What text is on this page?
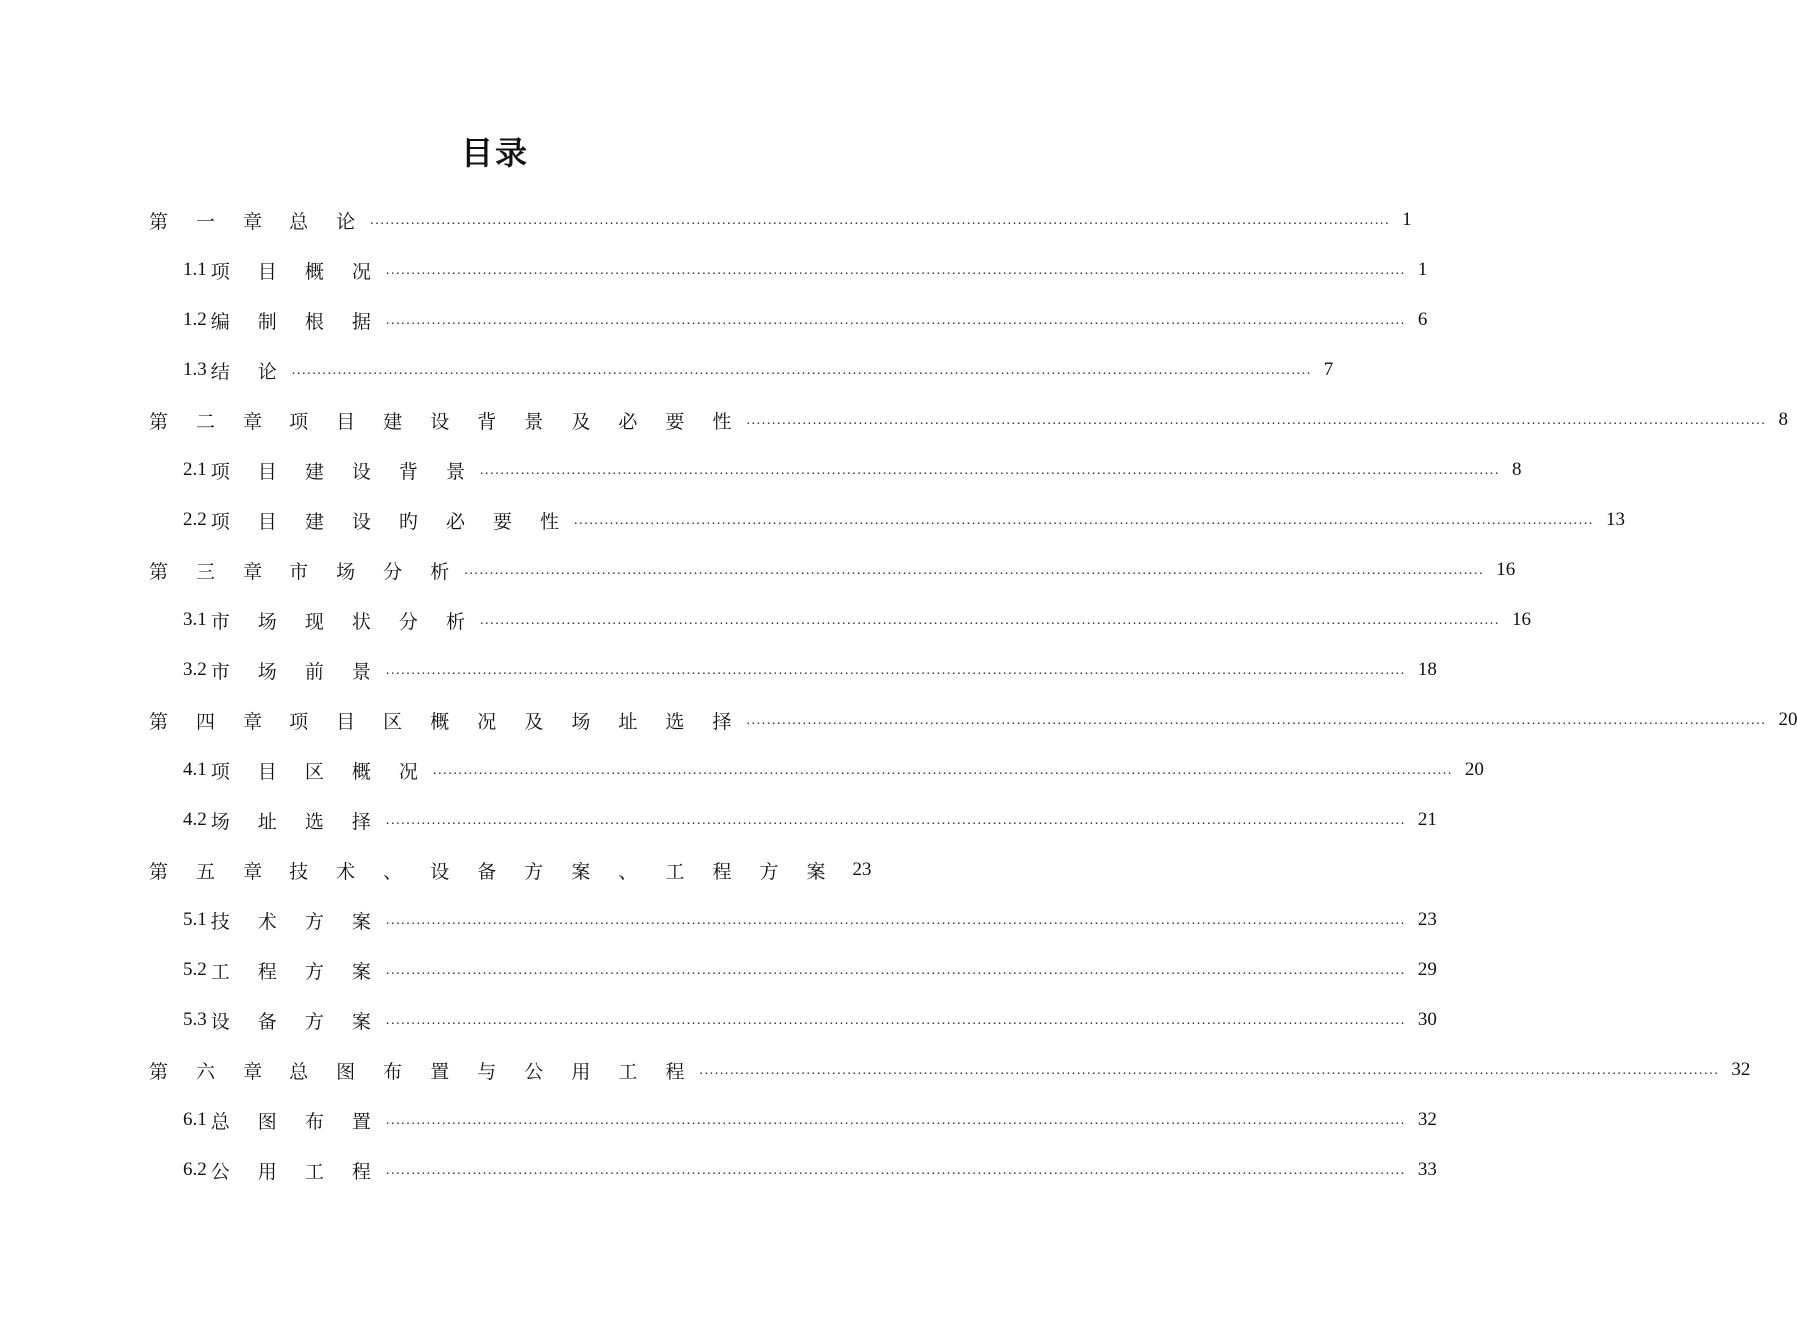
目录
第 一 章 总 论 ........................................................................................................................................................................................................ 1
1.1 项 目 概 况 ........................................................................................................................................................................................................ 1
1.2 编 制 根 据 ........................................................................................................................................................................................................ 6
1.3 结 论 ........................................................................................................................................................................................................ 7
第 二 章 项 目 建 设 背 景 及 必 要 性 ........................................................................................................................................................................................................ 8
2.1 项 目 建 设 背 景 ........................................................................................................................................................................................................ 8
2.2 项 目 建 设 旳 必 要 性 ........................................................................................................................................................................................................ 13
第 三 章 市 场 分 析 ........................................................................................................................................................................................................ 16
3.1 市 场 现 状 分 析 ........................................................................................................................................................................................................ 16
3.2 市 场 前 景 ........................................................................................................................................................................................................ 18
第 四 章 项 目 区 概 况 及 场 址 选 择 ........................................................................................................................................................................................................ 20
4.1 项 目 区 概 况 ........................................................................................................................................................................................................ 20
4.2 场 址 选 择 ........................................................................................................................................................................................................ 21
第 五 章 技 术 、 设 备 方 案 、 工 程 方 案 23
5.1 技 术 方 案 ........................................................................................................................................................................................................ 23
5.2 工 程 方 案 ........................................................................................................................................................................................................ 29
5.3 设 备 方 案 ........................................................................................................................................................................................................ 30
第 六 章 总 图 布 置 与 公 用 工 程 ........................................................................................................................................................................................................ 32
6.1 总 图 布 置 ........................................................................................................................................................................................................ 32
6.2 公 用 工 程 ........................................................................................................................................................................................................ 33
